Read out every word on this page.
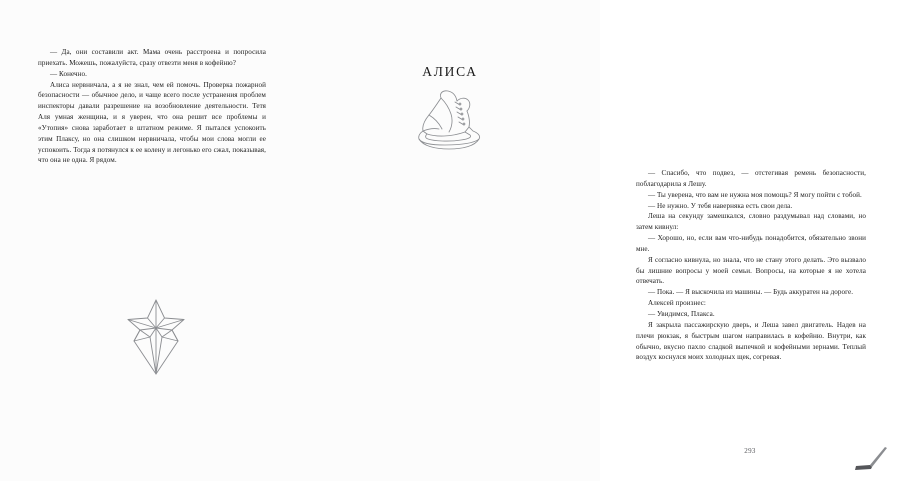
— Да, они составили акт. Мама очень расстроена и попросила приехать. Можешь, пожалуйста, сразу отвезти меня в кофейню?

— Конечно.

Алиса нервничала, а я не знал, чем ей помочь. Проверка пожарной безопасности — обычное дело, и чаще всего после устранения проблем инспекторы давали разрешение на возобновление деятельности. Тетя Аля умная женщина, и я уверен, что она решит все проблемы и «Утопия» снова заработает в штатном режиме. Я пытался успокоить этим Плаксу, но она слишком нервничала, чтобы мои слова могли ее успокоить. Тогда я потянулся к ее колену и легонько его сжал, показывая, что она не одна. Я рядом.

АЛИСА

— Спасибо, что подвез, — отстегивая ремень безопасности, поблагодарила я Лешу.

— Ты уверена, что вам не нужна моя помощь? Я могу пойти с тобой.

— Не нужно. У тебя наверняка есть свои дела.

Леша на секунду замешкался, словно раздумывал над словами, но затем кивнул:

— Хорошо, но, если вам что-нибудь понадобится, обязательно звони мне.

Я согласно кивнула, но знала, что не стану этого делать. Это вызвало бы лишние вопросы у моей семьи. Вопросы, на которые я не хотела отвечать.

— Пока. — Я выскочила из машины. — Будь аккуратен на дороге.

Алексей произнес:

— Увидимся, Плакса.

Я закрыла пассажирскую дверь, и Леша завел двигатель. Надев на плечи рюкзак, я быстрым шагом направилась в кофейню. Внутри, как обычно, вкусно пахло сладкой выпечкой и кофейными зернами. Теплый воздух коснулся моих холодных щек, согревая.

293
